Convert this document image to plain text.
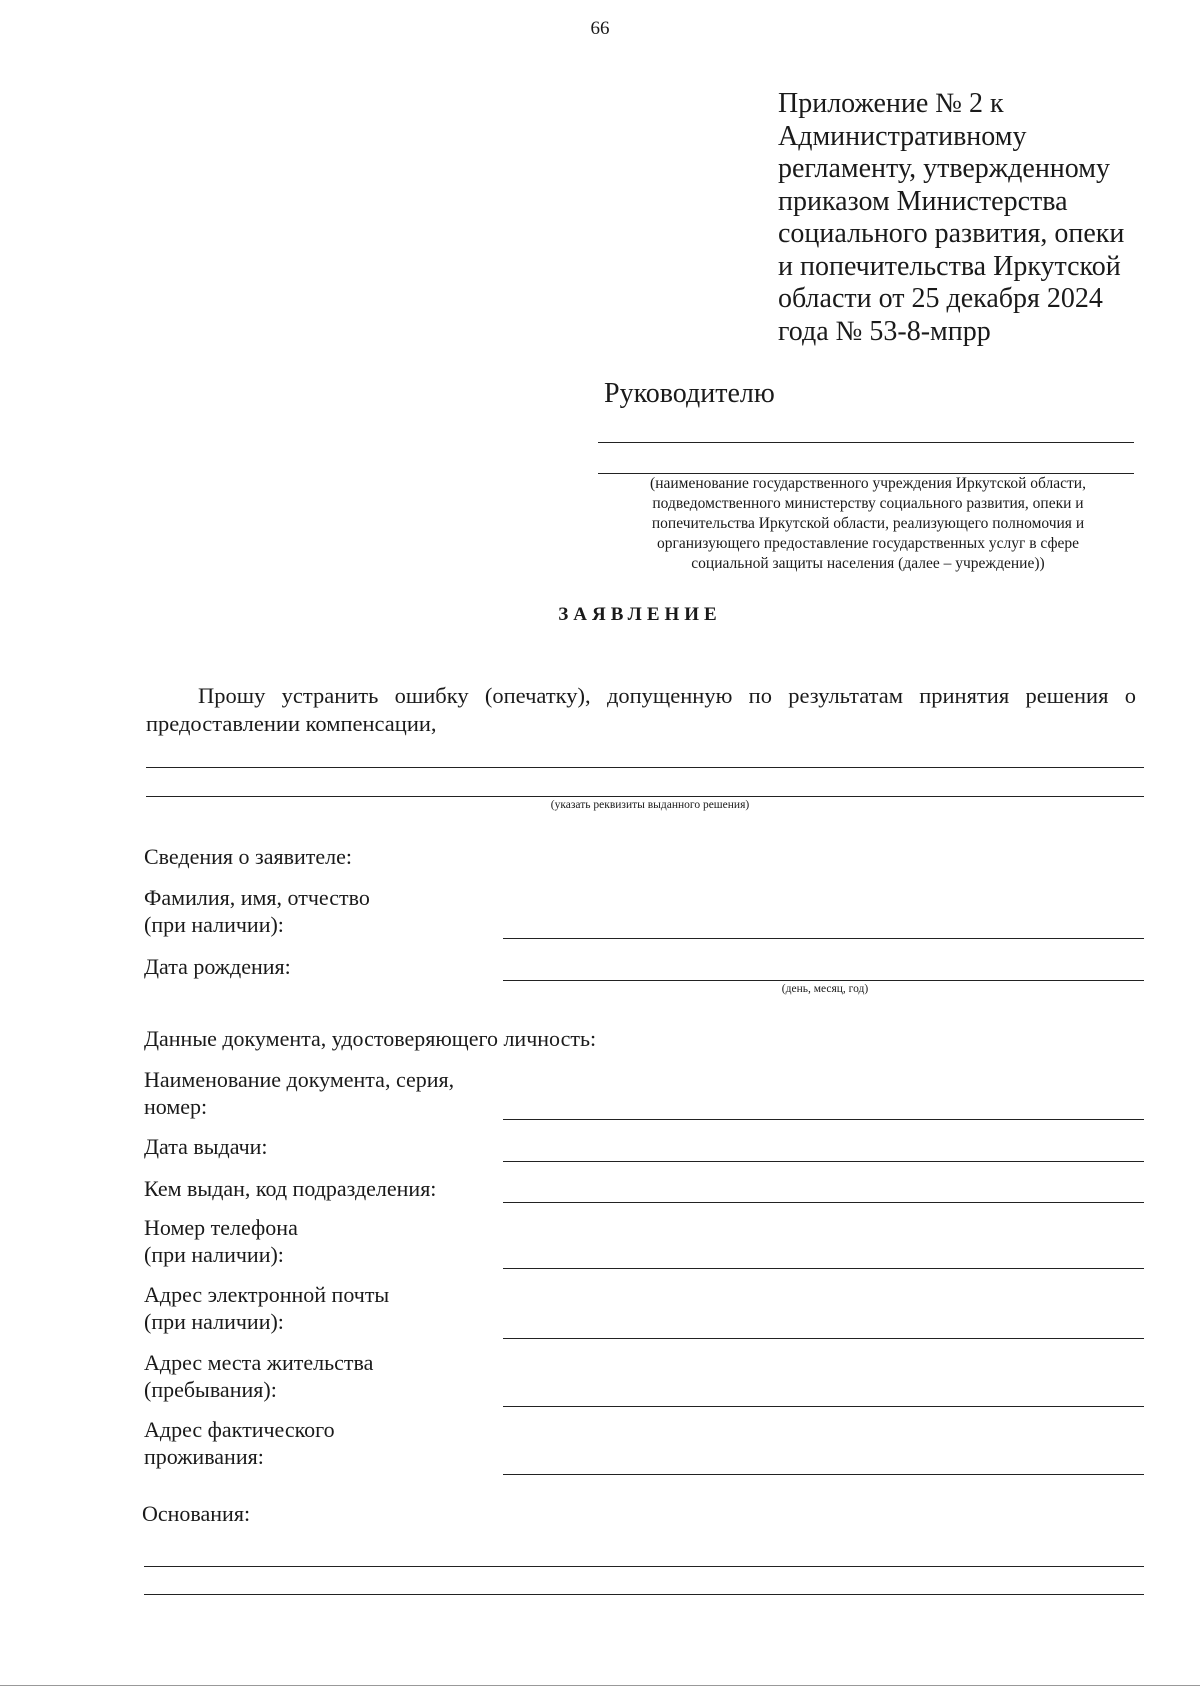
66
Приложение № 2 к
Административному
регламенту, утвержденному
приказом Министерства
социального развития, опеки
и попечительства Иркутской
области от 25 декабря 2024
года № 53-8-мпрр
Руководителю
(наименование государственного учреждения Иркутской области,
подведомственного министерству социального развития, опеки и
попечительства Иркутской области, реализующего полномочия и
организующего предоставление государственных услуг в сфере
социальной защиты населения (далее – учреждение))
ЗАЯВЛЕНИЕ
Прошу устранить ошибку (опечатку), допущенную по результатам принятия решения о предоставлении компенсации,
(указать реквизиты выданного решения)
Сведения о заявителе:
Фамилия, имя, отчество
(при наличии):
Дата рождения:
(день, месяц, год)
Данные документа, удостоверяющего личность:
Наименование документа, серия,
номер:
Дата выдачи:
Кем выдан, код подразделения:
Номер телефона
(при наличии):
Адрес электронной почты
(при наличии):
Адрес места жительства
(пребывания):
Адрес фактического
проживания:
Основания:
